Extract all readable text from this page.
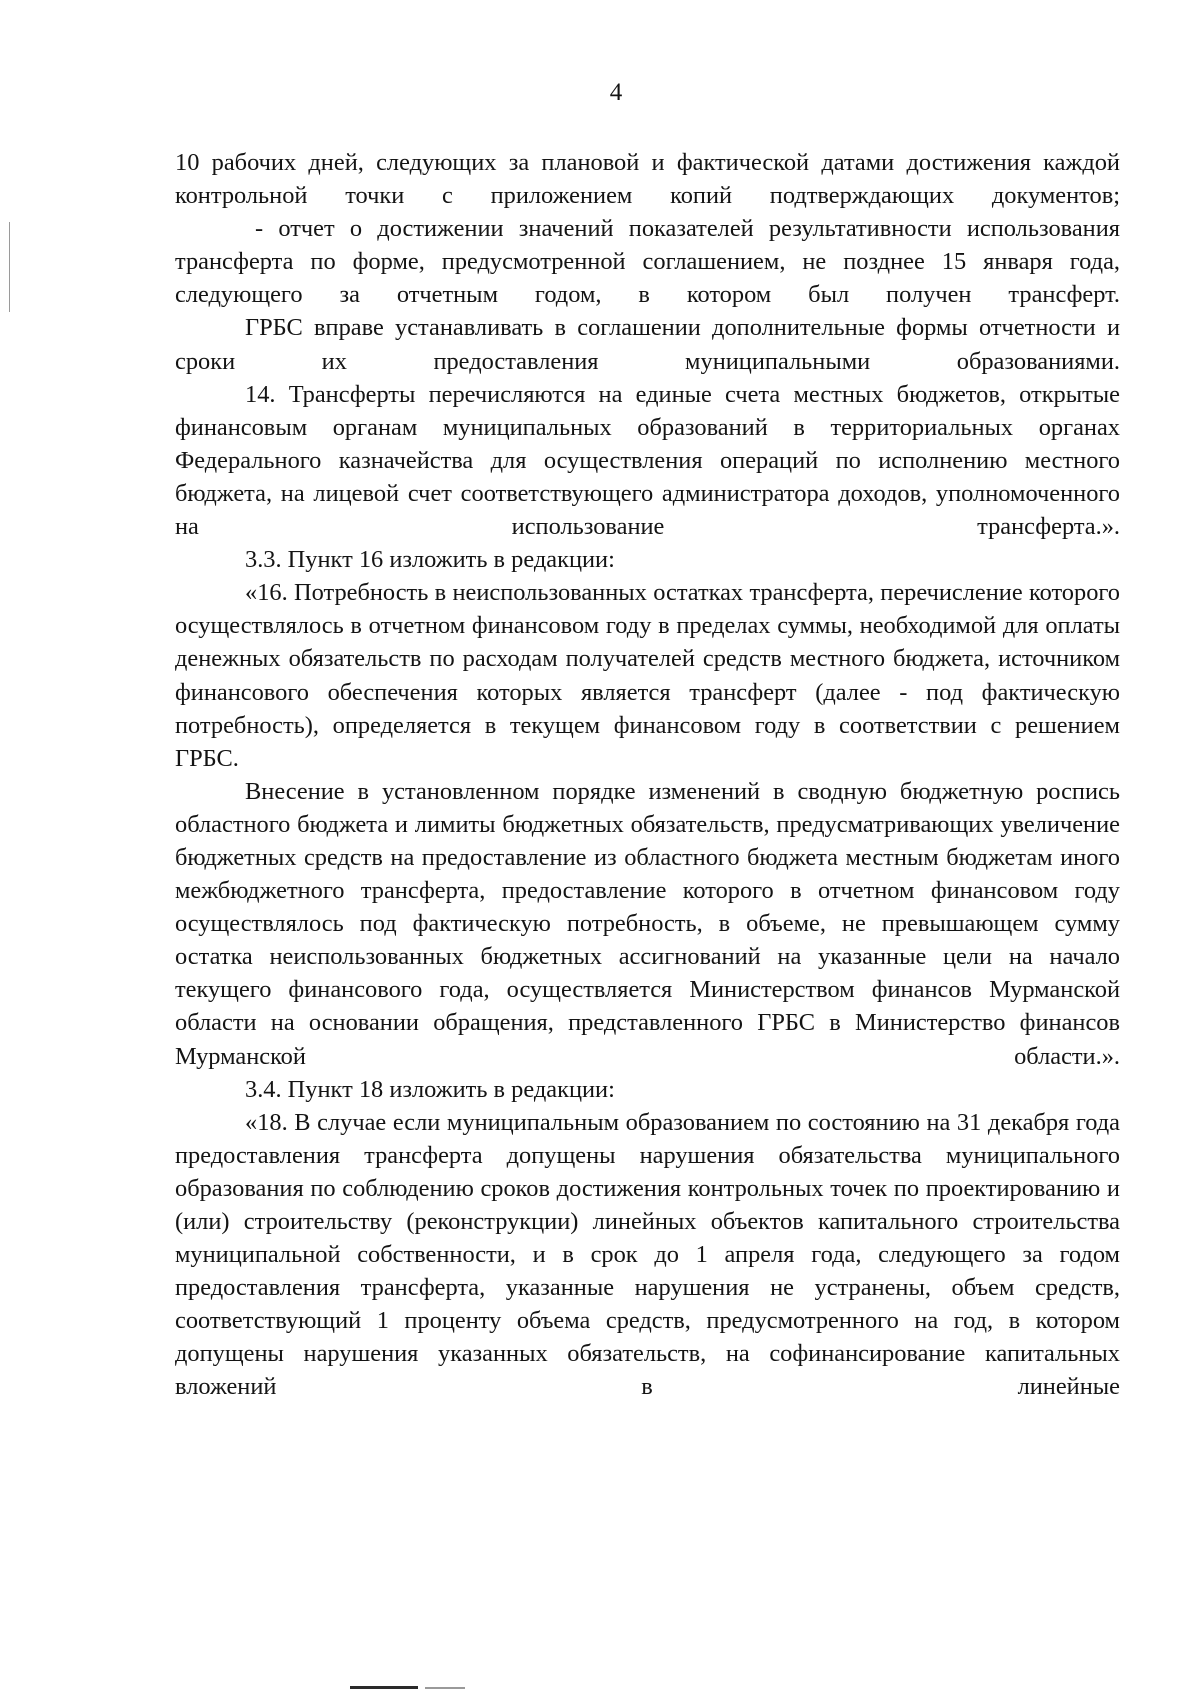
4

10 рабочих дней, следующих за плановой и фактической датами достижения каждой контрольной точки с приложением копий подтверждающих документов;

- отчет о достижении значений показателей результативности использования трансферта по форме, предусмотренной соглашением, не позднее 15 января года, следующего за отчетным годом, в котором был получен трансферт.

ГРБС вправе устанавливать в соглашении дополнительные формы отчетности и сроки их предоставления муниципальными образованиями.

14. Трансферты перечисляются на единые счета местных бюджетов, открытые финансовым органам муниципальных образований в территориальных органах Федерального казначейства для осуществления операций по исполнению местного бюджета, на лицевой счет соответствующего администратора доходов, уполномоченного на использование трансферта.».

3.3. Пункт 16 изложить в редакции:

«16. Потребность в неиспользованных остатках трансферта, перечисление которого осуществлялось в отчетном финансовом году в пределах суммы, необходимой для оплаты денежных обязательств по расходам получателей средств местного бюджета, источником финансового обеспечения которых является трансферт (далее - под фактическую потребность), определяется в текущем финансовом году в соответствии с решением ГРБС.

Внесение в установленном порядке изменений в сводную бюджетную роспись областного бюджета и лимиты бюджетных обязательств, предусматривающих увеличение бюджетных средств на предоставление из областного бюджета местным бюджетам иного межбюджетного трансферта, предоставление которого в отчетном финансовом году осуществлялось под фактическую потребность, в объеме, не превышающем сумму остатка неиспользованных бюджетных ассигнований на указанные цели на начало текущего финансового года, осуществляется Министерством финансов Мурманской области на основании обращения, представленного ГРБС в Министерство финансов Мурманской области.».

3.4. Пункт 18 изложить в редакции:

«18. В случае если муниципальным образованием по состоянию на 31 декабря года предоставления трансферта допущены нарушения обязательства муниципального образования по соблюдению сроков достижения контрольных точек по проектированию и (или) строительству (реконструкции) линейных объектов капитального строительства муниципальной собственности, и в срок до 1 апреля года, следующего за годом предоставления трансферта, указанные нарушения не устранены, объем средств, соответствующий 1 проценту объема средств, предусмотренного на год, в котором допущены нарушения указанных обязательств, на софинансирование капитальных вложений в линейные
